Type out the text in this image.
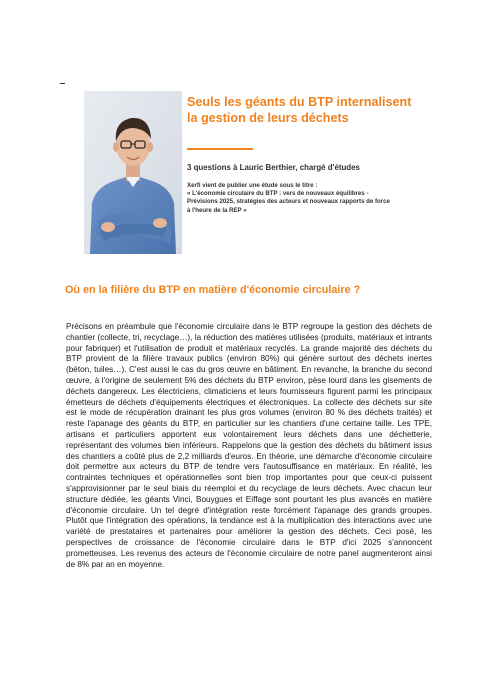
Seuls les géants du BTP internalisent la gestion de leurs déchets

3 questions à Lauric Berthier, chargé d'études

Xerfi vient de publier une étude sous le titre :
« L'économie circulaire du BTP : vers de nouveaux équilibres -
Prévisions 2025, stratégies des acteurs et nouveaux rapports de force
à l'heure de la REP »

Où en la filière du BTP en matière d'économie circulaire ?

Précisons en préambule que l'économie circulaire dans le BTP regroupe la gestion des déchets de chantier (collecte, tri, recyclage…), la réduction des matières utilisées (produits, matériaux et intrants pour fabriquer) et l'utilisation de produit et matériaux recyclés. La grande majorité des déchets du BTP provient de la filière travaux publics (environ 80%) qui génère surtout des déchets inertes (béton, tuiles…). C'est aussi le cas du gros œuvre en bâtiment. En revanche, la branche du second œuvre, à l'origine de seulement 5% des déchets du BTP environ, pèse lourd dans les gisements de déchets dangereux. Les électriciens, climaticiens et leurs fournisseurs figurent parmi les principaux émetteurs de déchets d'équipements électriques et électroniques. La collecte des déchets sur site est le mode de récupération drainant les plus gros volumes (environ 80 % des déchets traités) et reste l'apanage des géants du BTP, en particulier sur les chantiers d'une certaine taille. Les TPE, artisans et particuliers apportent eux volontairement leurs déchets dans une déchetterie, représentant des volumes bien inférieurs. Rappelons que la gestion des déchets du bâtiment issus des chantiers a coûté plus de 2,2 milliards d'euros. En théorie, une démarche d'économie circulaire doit permettre aux acteurs du BTP de tendre vers l'autosuffisance en matériaux. En réalité, les contraintes techniques et opérationnelles sont bien trop importantes pour que ceux-ci puissent s'approvisionner par le seul biais du réemploi et du recyclage de leurs déchets. Avec chacun leur structure dédiée, les géants Vinci, Bouygues et Eiffage sont pourtant les plus avancés en matière d'économie circulaire. Un tel degré d'intégration reste forcément l'apanage des grands groupes. Plutôt que l'intégration des opérations, la tendance est à la multiplication des interactions avec une variété de prestataires et partenaires pour améliorer la gestion des déchets. Ceci posé, les perspectives de croissance de l'économie circulaire dans le BTP d'ici 2025 s'annoncent prometteuses. Les revenus des acteurs de l'économie circulaire de notre panel augmenteront ainsi de 8% par an en moyenne.
